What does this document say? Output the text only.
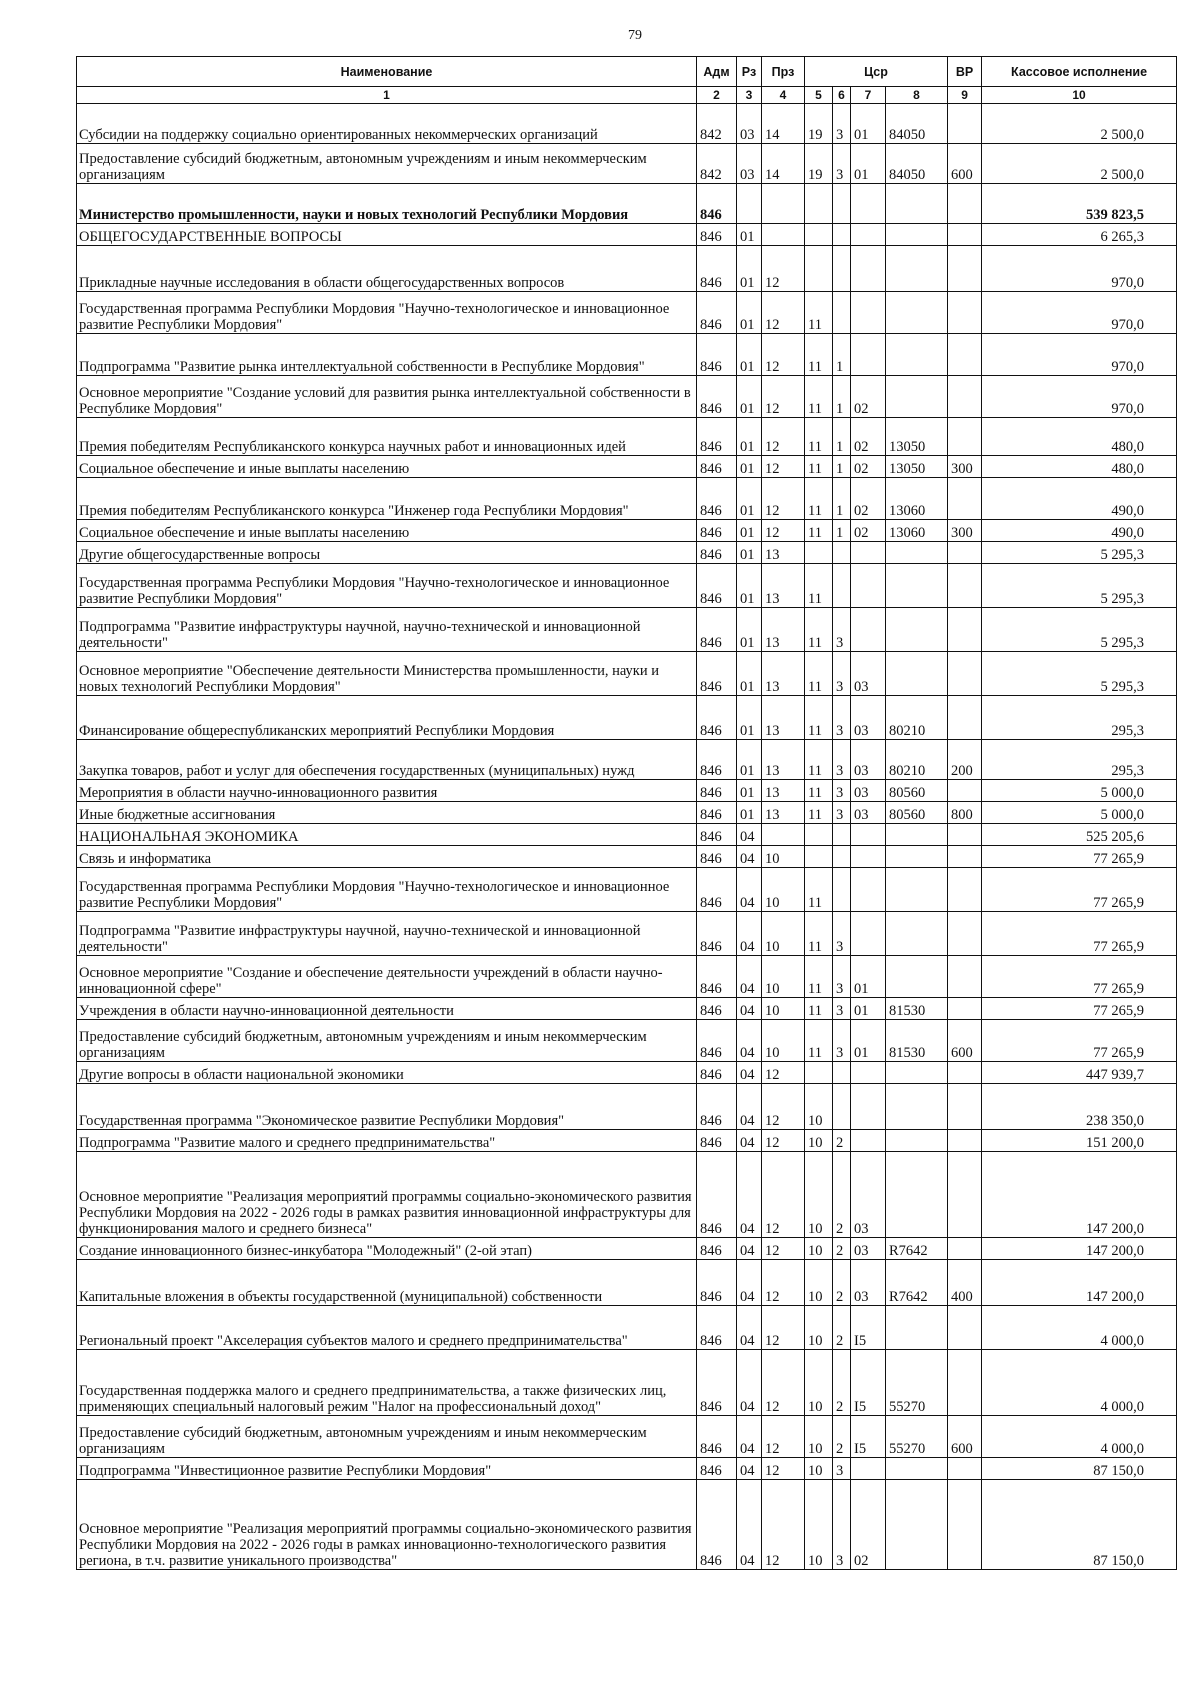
79
Наименование	Адм	Рз	Прз	Цср				ВР	Кассовое исполнение
1	2	3	4	5	6	7	8	9	10
Субсидии на поддержку социально ориентированных некоммерческих организаций	842	03	14	19	3	01	84050		2 500,0
Предоставление субсидий бюджетным, автономным учреждениям и иным некоммерческим организациям	842	03	14	19	3	01	84050	600	2 500,0
Министерство промышленности, науки и новых технологий Республики Мордовия	846								539 823,5
ОБЩЕГОСУДАРСТВЕННЫЕ ВОПРОСЫ	846	01							6 265,3
Прикладные научные исследования в области общегосударственных вопросов	846	01	12						970,0
Государственная программа Республики Мордовия "Научно-технологическое и инновационное развитие Республики Мордовия"	846	01	12	11					970,0
Подпрограмма "Развитие рынка интеллектуальной собственности в Республике Мордовия"	846	01	12	11	1				970,0
Основное мероприятие "Создание условий для развития рынка интеллектуальной собственности в Республике Мордовия"	846	01	12	11	1	02			970,0
Премия победителям Республиканского конкурса научных работ и инновационных идей	846	01	12	11	1	02	13050		480,0
Социальное обеспечение и иные выплаты населению	846	01	12	11	1	02	13050	300	480,0
Премия победителям Республиканского конкурса "Инженер года Республики Мордовия"	846	01	12	11	1	02	13060		490,0
Социальное обеспечение и иные выплаты населению	846	01	12	11	1	02	13060	300	490,0
Другие общегосударственные вопросы	846	01	13						5 295,3
Государственная программа Республики Мордовия "Научно-технологическое и инновационное развитие Республики Мордовия"	846	01	13	11					5 295,3
Подпрограмма "Развитие инфраструктуры научной, научно-технической и инновационной деятельности"	846	01	13	11	3				5 295,3
Основное мероприятие "Обеспечение деятельности Министерства промышленности, науки и новых технологий Республики Мордовия"	846	01	13	11	3	03			5 295,3
Финансирование общереспубликанских мероприятий Республики Мордовия	846	01	13	11	3	03	80210		295,3
Закупка товаров, работ и услуг для обеспечения государственных (муниципальных) нужд	846	01	13	11	3	03	80210	200	295,3
Мероприятия в области научно-инновационного развития	846	01	13	11	3	03	80560		5 000,0
Иные бюджетные ассигнования	846	01	13	11	3	03	80560	800	5 000,0
НАЦИОНАЛЬНАЯ ЭКОНОМИКА	846	04							525 205,6
Связь и информатика	846	04	10						77 265,9
Государственная программа Республики Мордовия "Научно-технологическое и инновационное развитие Республики Мордовия"	846	04	10	11					77 265,9
Подпрограмма "Развитие инфраструктуры научной, научно-технической и инновационной деятельности"	846	04	10	11	3				77 265,9
Основное мероприятие "Создание и обеспечение деятельности учреждений в области научно-инновационной сфере"	846	04	10	11	3	01			77 265,9
Учреждения в области научно-инновационной деятельности	846	04	10	11	3	01	81530		77 265,9
Предоставление субсидий бюджетным, автономным учреждениям и иным некоммерческим организациям	846	04	10	11	3	01	81530	600	77 265,9
Другие вопросы в области национальной экономики	846	04	12						447 939,7
Государственная программа "Экономическое развитие Республики Мордовия"	846	04	12	10					238 350,0
Подпрограмма "Развитие малого и среднего предпринимательства"	846	04	12	10	2				151 200,0
Основное мероприятие "Реализация мероприятий программы социально-экономического развития Республики Мордовия на 2022 - 2026 годы в рамках развития инновационной инфраструктуры для функционирования малого и среднего бизнеса"	846	04	12	10	2	03			147 200,0
Создание инновационного бизнес-инкубатора "Молодежный" (2-ой этап)	846	04	12	10	2	03	R7642		147 200,0
Капитальные вложения в объекты государственной (муниципальной) собственности	846	04	12	10	2	03	R7642	400	147 200,0
Региональный проект "Акселерация субъектов малого и среднего предпринимательства"	846	04	12	10	2	I5			4 000,0
Государственная поддержка малого и среднего предпринимательства, а также физических лиц, применяющих специальный налоговый режим "Налог на профессиональный доход"	846	04	12	10	2	I5	55270		4 000,0
Предоставление субсидий бюджетным, автономным учреждениям и иным некоммерческим организациям	846	04	12	10	2	I5	55270	600	4 000,0
Подпрограмма "Инвестиционное развитие Республики Мордовия"	846	04	12	10	3				87 150,0
Основное мероприятие "Реализация мероприятий программы социально-экономического развития Республики Мордовия на 2022 - 2026 годы в рамках инновационно-технологического развития региона, в т.ч. развитие уникального производства"	846	04	12	10	3	02			87 150,0
